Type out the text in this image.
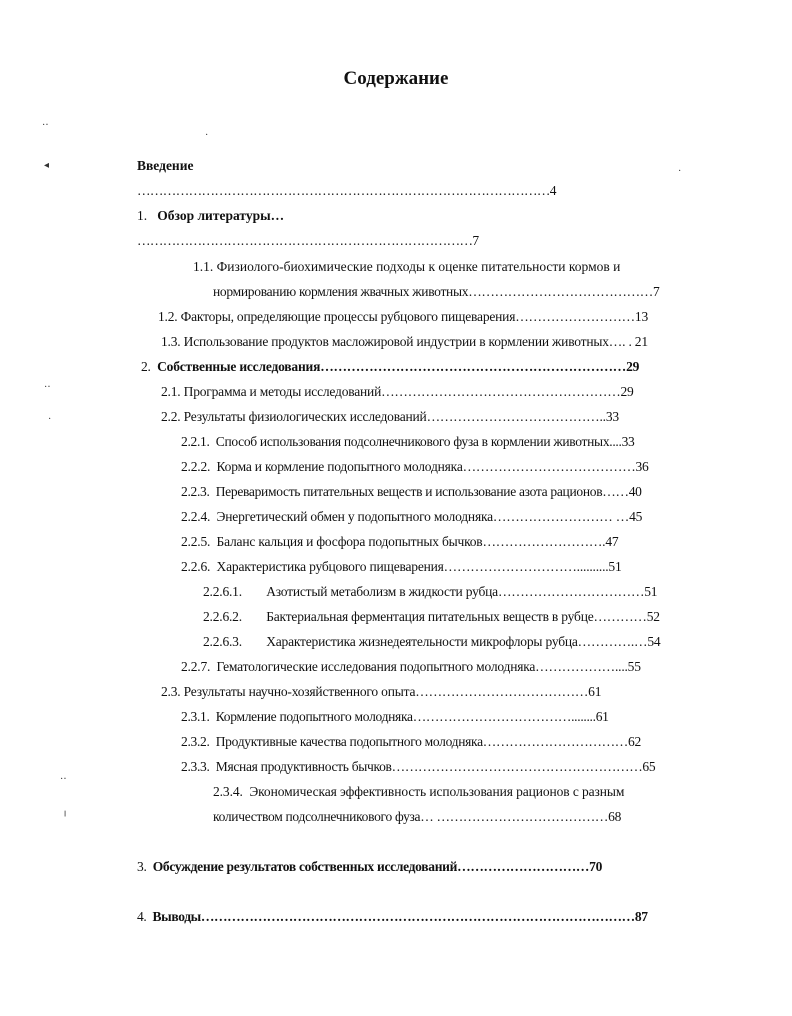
Содержание
Введение
……………………………………………………………………………………4
1. Обзор литературы…
……………………………………………………………………7
1.1. Физиолого-биохимические подходы к оценке питательности кормов и
нормированию кормления жвачных животных……………………………………7
1.2. Факторы, определяющие процессы рубцового пищеварения………………………13
1.3. Использование продуктов масложировой индустрии в кормлении животных…. . 21
2. Собственные исследования……………………………………………………………29
2.1. Программа и методы исследований………………………………………………29
2.2. Результаты физиологических исследований…………………………………..33
2.2.1. Способ использования подсолнечникового фуза в кормлении животных....33
2.2.2. Корма и кормление подопытного молодняка…………………………………36
2.2.3. Переваримость питательных веществ и использование азота рационов……40
2.2.4. Энергетический обмен у подопытного молодняка……………………… …45
2.2.5. Баланс кальция и фосфора подопытных бычков……………………….47
2.2.6. Характеристика рубцового пищеварения…………………………..........51
2.2.6.1. Азотистый метаболизм в жидкости рубца……………………………51
2.2.6.2. Бактериальная ферментация питательных веществ в рубце…………52
2.2.6.3. Характеристика жизнедеятельности микрофлоры рубца………….…54
2.2.7. Гематологические исследования подопытного молодняка………………....55
2.3. Результаты научно-хозяйственного опыта…………………………………61
2.3.1. Кормление подопытного молодняка………………………………........61
2.3.2. Продуктивные качества подопытного молодняка……………………………62
2.3.3. Мясная продуктивность бычков…………………………………………………65
2.3.4. Экономическая эффективность использования рационов с разным
количеством подсолнечникового фуза… …………………………………68
3. Обсуждение результатов собственных исследований…………………………70
4. Выводы………………………………………………………………………………………87
·‧
◂
·‧
·
·‧
╵
·
·
